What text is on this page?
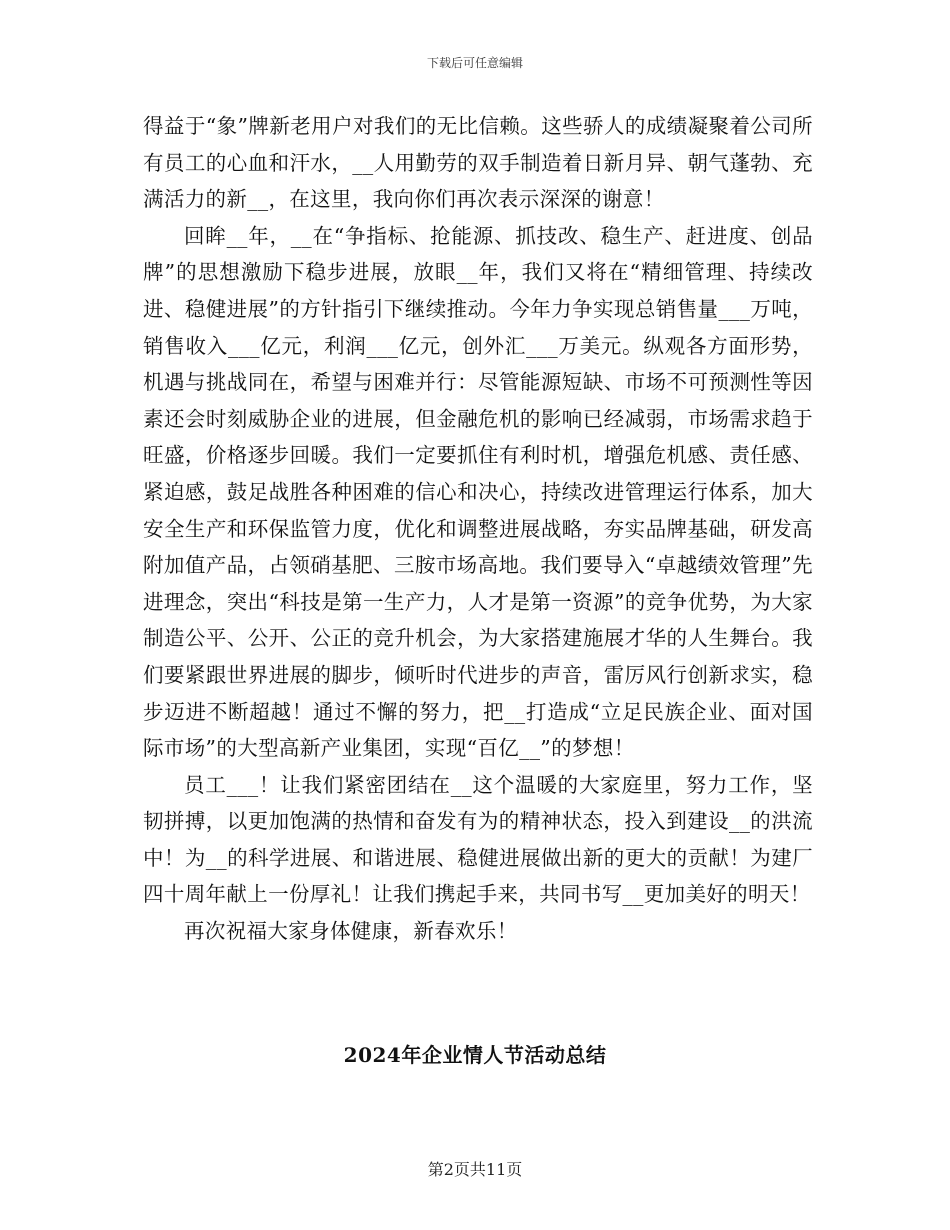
下载后可任意编辑

得益于“象”牌新老用户对我们的无比信赖。这些骄人的成绩凝聚着公司所有员工的心血和汗水，__人用勤劳的双手制造着日新月异、朝气蓬勃、充满活力的新__，在这里，我向你们再次表示深深的谢意！

回眸__年，__在“争指标、抢能源、抓技改、稳生产、赶进度、创品牌”的思想激励下稳步进展，放眼__年，我们又将在“精细管理、持续改进、稳健进展”的方针指引下继续推动。今年力争实现总销售量___万吨，销售收入___亿元，利润___亿元，创外汇___万美元。纵观各方面形势，机遇与挑战同在，希望与困难并行：尽管能源短缺、市场不可预测性等因素还会时刻威胁企业的进展，但金融危机的影响已经减弱，市场需求趋于旺盛，价格逐步回暖。我们一定要抓住有利时机，增强危机感、责任感、紧迫感，鼓足战胜各种困难的信心和决心，持续改进管理运行体系，加大安全生产和环保监管力度，优化和调整进展战略，夯实品牌基础，研发高附加值产品，占领硝基肥、三胺市场高地。我们要导入“卓越绩效管理”先进理念，突出“科技是第一生产力，人才是第一资源”的竞争优势，为大家制造公平、公开、公正的竞升机会，为大家搭建施展才华的人生舞台。我们要紧跟世界进展的脚步，倾听时代进步的声音，雷厉风行创新求实，稳步迈进不断超越！通过不懈的努力，把__打造成“立足民族企业、面对国际市场”的大型高新产业集团，实现“百亿__”的梦想！

员工___！让我们紧密团结在__这个温暖的大家庭里，努力工作，坚韧拼搏，以更加饱满的热情和奋发有为的精神状态，投入到建设__的洪流中！为__的科学进展、和谐进展、稳健进展做出新的更大的贡献！为建厂四十周年献上一份厚礼！让我们携起手来，共同书写__更加美好的明天！

再次祝福大家身体健康，新春欢乐！

2024年企业情人节活动总结
第2页共11页
